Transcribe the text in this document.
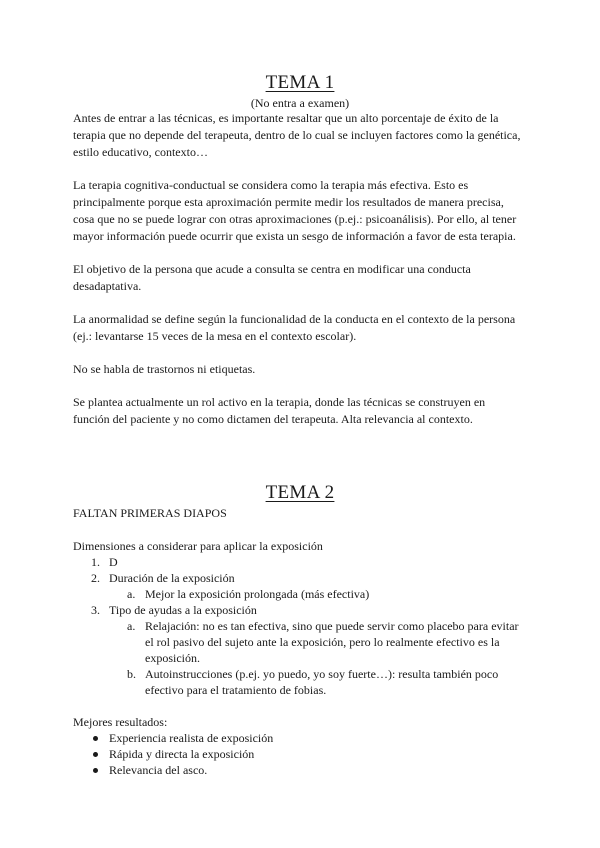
TEMA 1
(No entra a examen)
Antes de entrar a las técnicas, es importante resaltar que un alto porcentaje de éxito de la
terapia que no depende del terapeuta, dentro de lo cual se incluyen factores como la genética,
estilo educativo, contexto…
La terapia cognitiva-conductual se considera como la terapia más efectiva. Esto es
principalmente porque esta aproximación permite medir los resultados de manera precisa,
cosa que no se puede lograr con otras aproximaciones (p.ej.: psicoanálisis). Por ello, al tener
mayor información puede ocurrir que exista un sesgo de información a favor de esta terapia.
El objetivo de la persona que acude a consulta se centra en modificar una conducta
desadaptativa.
La anormalidad se define según la funcionalidad de la conducta en el contexto de la persona
(ej.: levantarse 15 veces de la mesa en el contexto escolar).
No se habla de trastornos ni etiquetas.
Se plantea actualmente un rol activo en la terapia, donde las técnicas se construyen en
función del paciente y no como dictamen del terapeuta. Alta relevancia al contexto.
TEMA 2
FALTAN PRIMERAS DIAPOS
Dimensiones a considerar para aplicar la exposición
1. D
2. Duración de la exposición
a. Mejor la exposición prolongada (más efectiva)
3. Tipo de ayudas a la exposición
a. Relajación: no es tan efectiva, sino que puede servir como placebo para evitar
el rol pasivo del sujeto ante la exposición, pero lo realmente efectivo es la
exposición.
b. Autoinstrucciones (p.ej. yo puedo, yo soy fuerte…): resulta también poco
efectivo para el tratamiento de fobias.
Mejores resultados:
Experiencia realista de exposición
Rápida y directa la exposición
Relevancia del asco.
